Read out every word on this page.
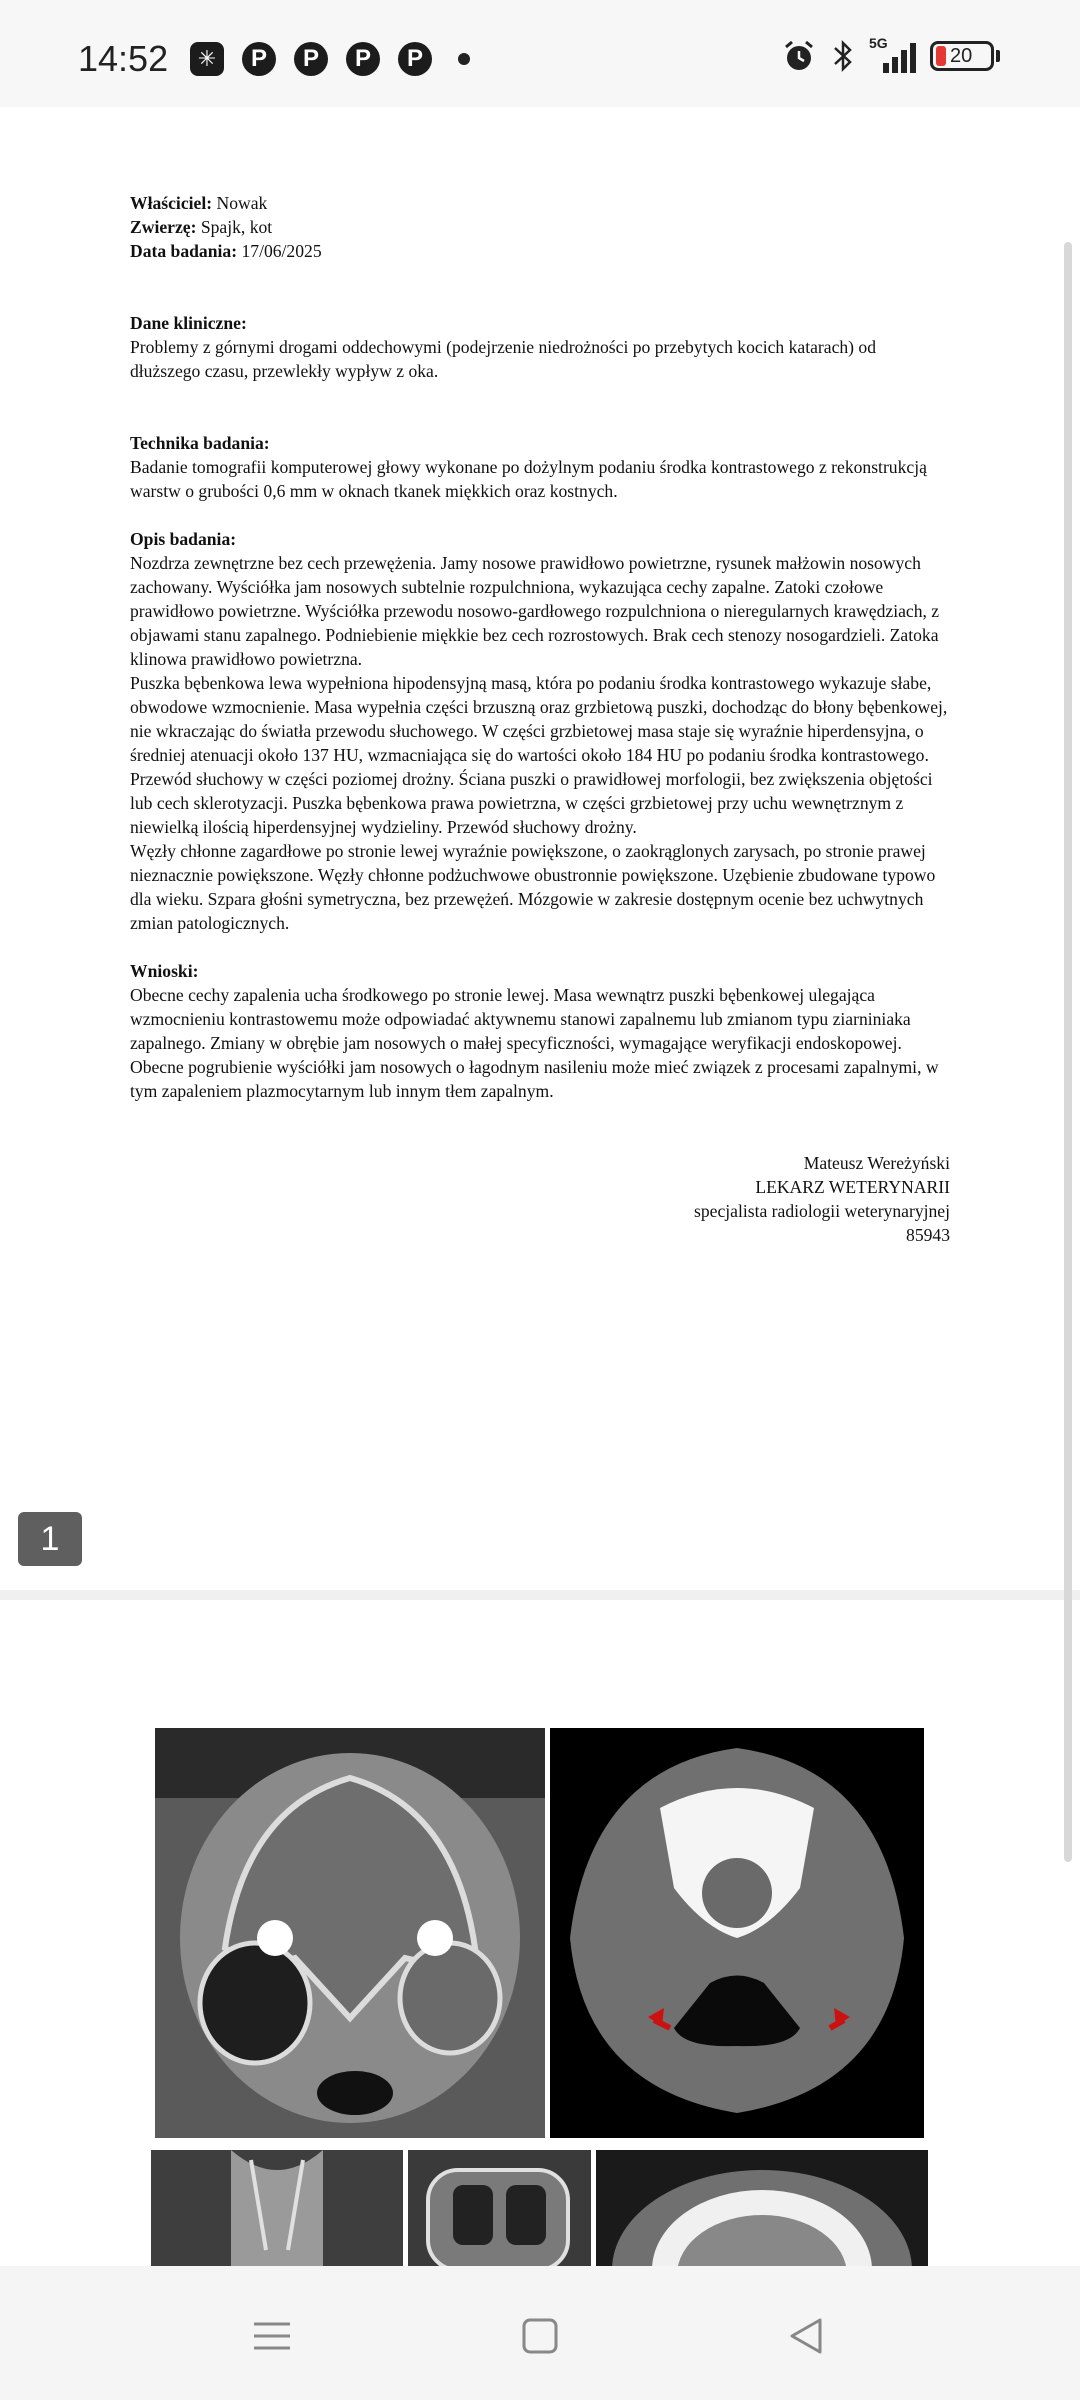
14:52	✳	P	P	P	P
5G
20

Właściciel: Nowak

Zwierzę: Spajk, kot

Data badania: 17/06/2025

Dane kliniczne:

Problemy z górnymi drogami oddechowymi (podejrzenie niedrożności po przebytych kocich katarach) od dłuższego czasu, przewlekły wypływ z oka.

Technika badania:

Badanie tomografii komputerowej głowy wykonane po dożylnym podaniu środka kontrastowego z rekonstrukcją warstw o grubości 0,6 mm w oknach tkanek miękkich oraz kostnych.

Opis badania:

Nozdrza zewnętrzne bez cech przewężenia. Jamy nosowe prawidłowo powietrzne, rysunek małżowin nosowych zachowany. Wyściółka jam nosowych subtelnie rozpulchniona, wykazująca cechy zapalne. Zatoki czołowe prawidłowo powietrzne. Wyściółka przewodu nosowo-gardłowego rozpulchniona o nieregularnych krawędziach, z objawami stanu zapalnego. Podniebienie miękkie bez cech rozrostowych. Brak cech stenozy nosogardzieli. Zatoka klinowa prawidłowo powietrzna.

Puszka bębenkowa lewa wypełniona hipodensyjną masą, która po podaniu środka kontrastowego wykazuje słabe, obwodowe wzmocnienie. Masa wypełnia części brzuszną oraz grzbietową puszki, dochodząc do błony bębenkowej, nie wkraczając do światła przewodu słuchowego. W części grzbietowej masa staje się wyraźnie hiperdensyjna, o średniej atenuacji około 137 HU, wzmacniająca się do wartości około 184 HU po podaniu środka kontrastowego. Przewód słuchowy w części poziomej drożny. Ściana puszki o prawidłowej morfologii, bez zwiększenia objętości lub cech sklerotyzacji. Puszka bębenkowa prawa powietrzna, w części grzbietowej przy uchu wewnętrznym z niewielką ilością hiperdensyjnej wydzieliny. Przewód słuchowy drożny.

Węzły chłonne zagardłowe po stronie lewej wyraźnie powiększone, o zaokrąglonych zarysach, po stronie prawej nieznacznie powiększone. Węzły chłonne podżuchwowe obustronnie powiększone. Uzębienie zbudowane typowo dla wieku. Szpara głośni symetryczna, bez przewężeń. Mózgowie w zakresie dostępnym ocenie bez uchwytnych zmian patologicznych.

Wnioski:

Obecne cechy zapalenia ucha środkowego po stronie lewej. Masa wewnątrz puszki bębenkowej ulegająca wzmocnieniu kontrastowemu może odpowiadać aktywnemu stanowi zapalnemu lub zmianom typu ziarniniaka zapalnego. Zmiany w obrębie jam nosowych o małej specyficzności, wymagające weryfikacji endoskopowej. Obecne pogrubienie wyściółki jam nosowych o łagodnym nasileniu może mieć związek z procesami zapalnymi, w tym zapaleniem plazmocytarnym lub innym tłem zapalnym.

Mateusz Wereżyński

LEKARZ WETERYNARII

specjalista radiologii weterynaryjnej

85943

1
